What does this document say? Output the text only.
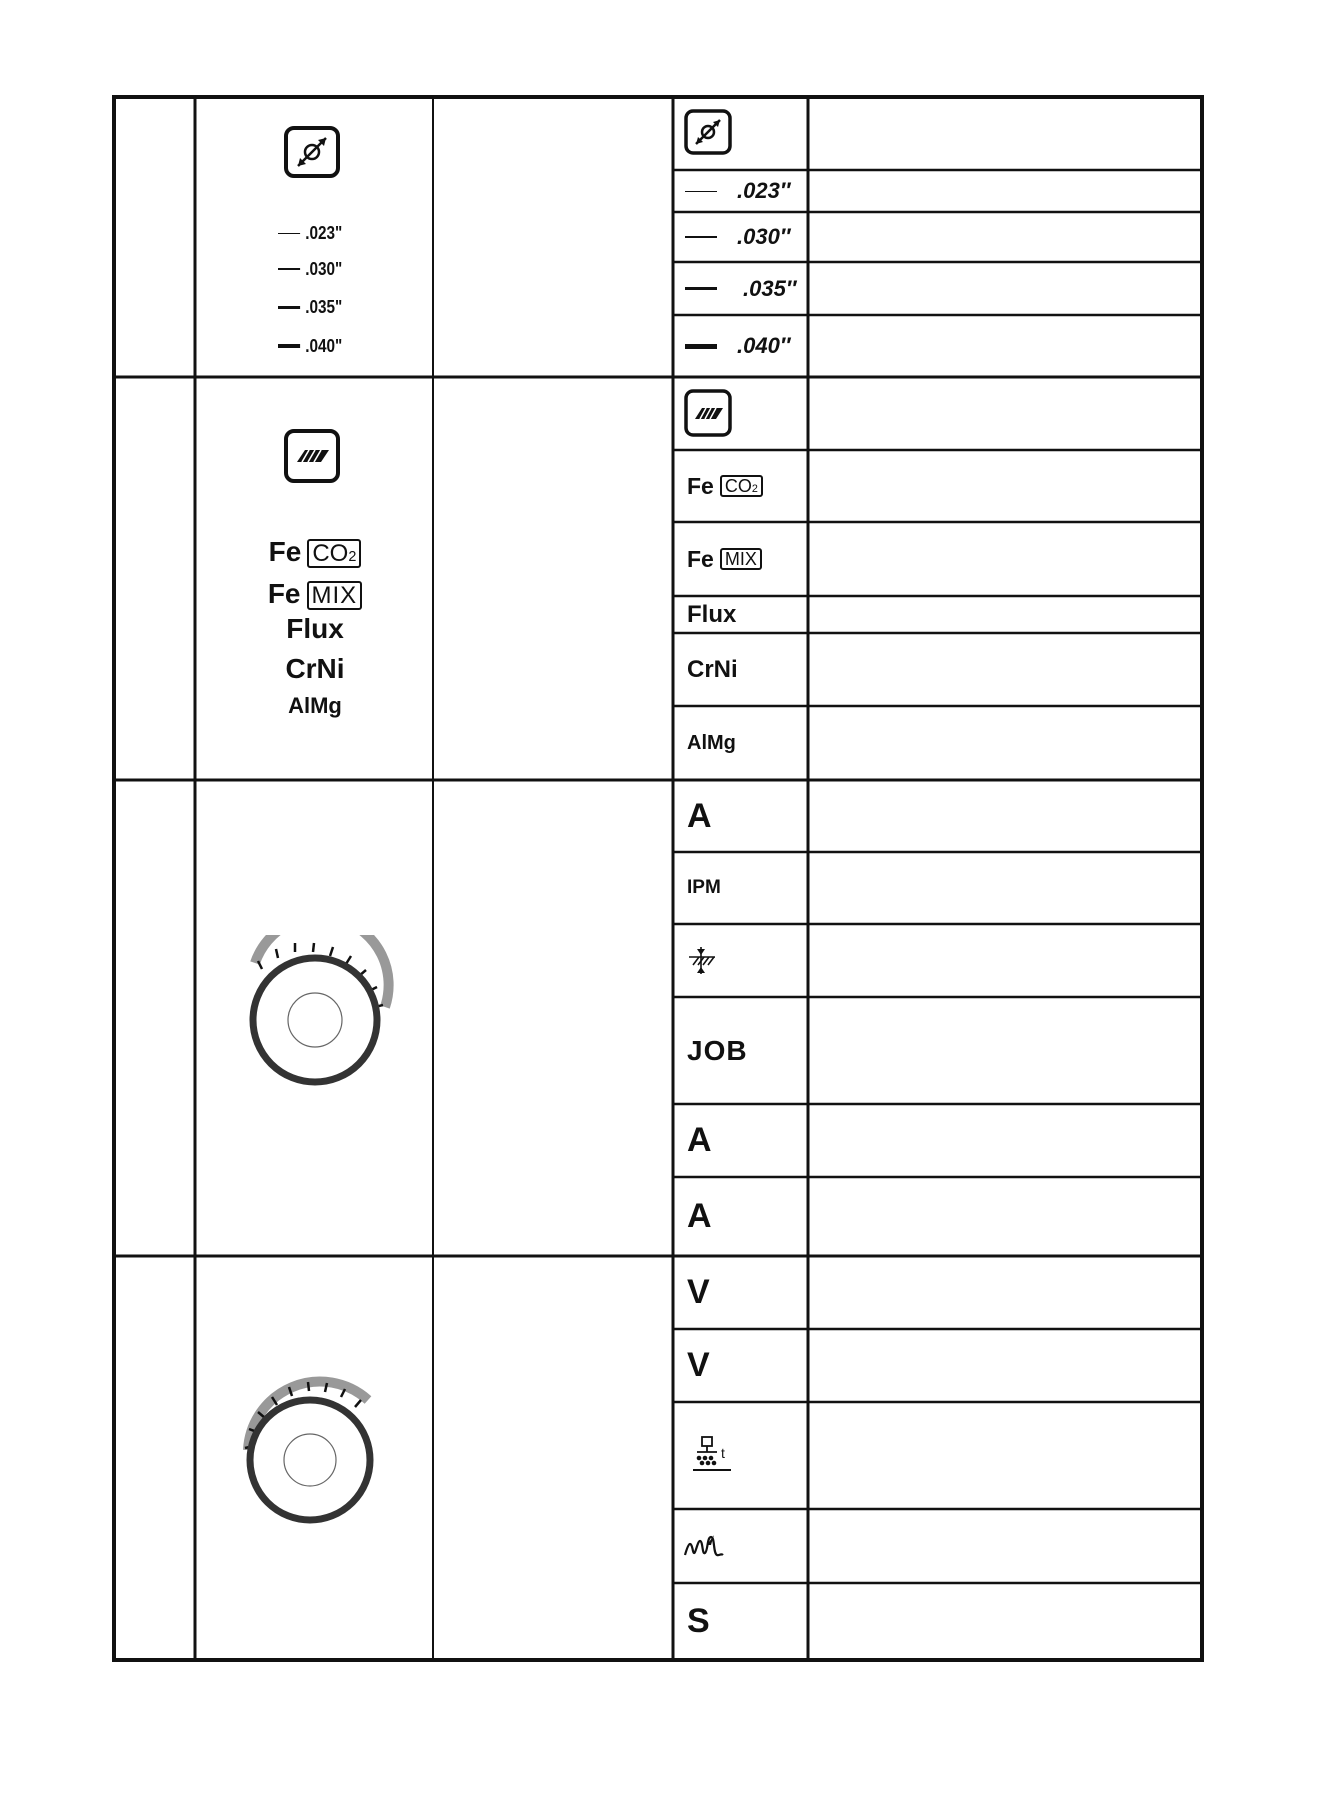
.023"
.030"
.035"
.040"
.023″
.030″
.035″
.040″
Fe CO2
Fe MIX
Flux
CrNi
AlMg
Fe CO2
Fe MIX
Flux
CrNi
AlMg
A
IPM
JOB
A
A
V
V
t
S
